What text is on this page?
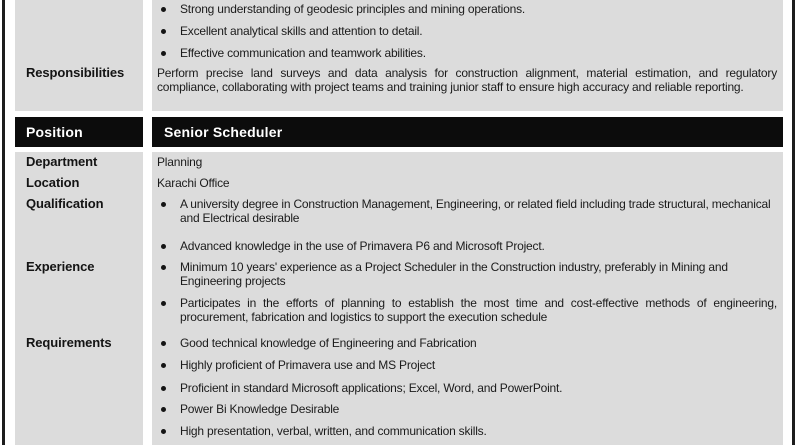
Responsibilities
Strong understanding of geodesic principles and mining operations.
Excellent analytical skills and attention to detail.
Effective communication and teamwork abilities.

Perform precise land surveys and data analysis for construction alignment, material estimation, and regulatory compliance, collaborating with project teams and training junior staff to ensure high accuracy and reliable reporting.

Position	Senior Scheduler
Department
Location
Qualification
Experience
Requirements
Planning
Karachi Office
A university degree in Construction Management, Engineering, or related field including trade structural, mechanical and Electrical desirable
Advanced knowledge in the use of Primavera P6 and Microsoft Project.
Minimum 10 years' experience as a Project Scheduler in the Construction industry, preferably in Mining and Engineering projects
Participates in the efforts of planning to establish the most time and cost-effective methods of engineering, procurement, fabrication and logistics to support the execution schedule
Good technical knowledge of Engineering and Fabrication
Highly proficient of Primavera use and MS Project
Proficient in standard Microsoft applications; Excel, Word, and PowerPoint.
Power Bi Knowledge Desirable
High presentation, verbal, written, and communication skills.
